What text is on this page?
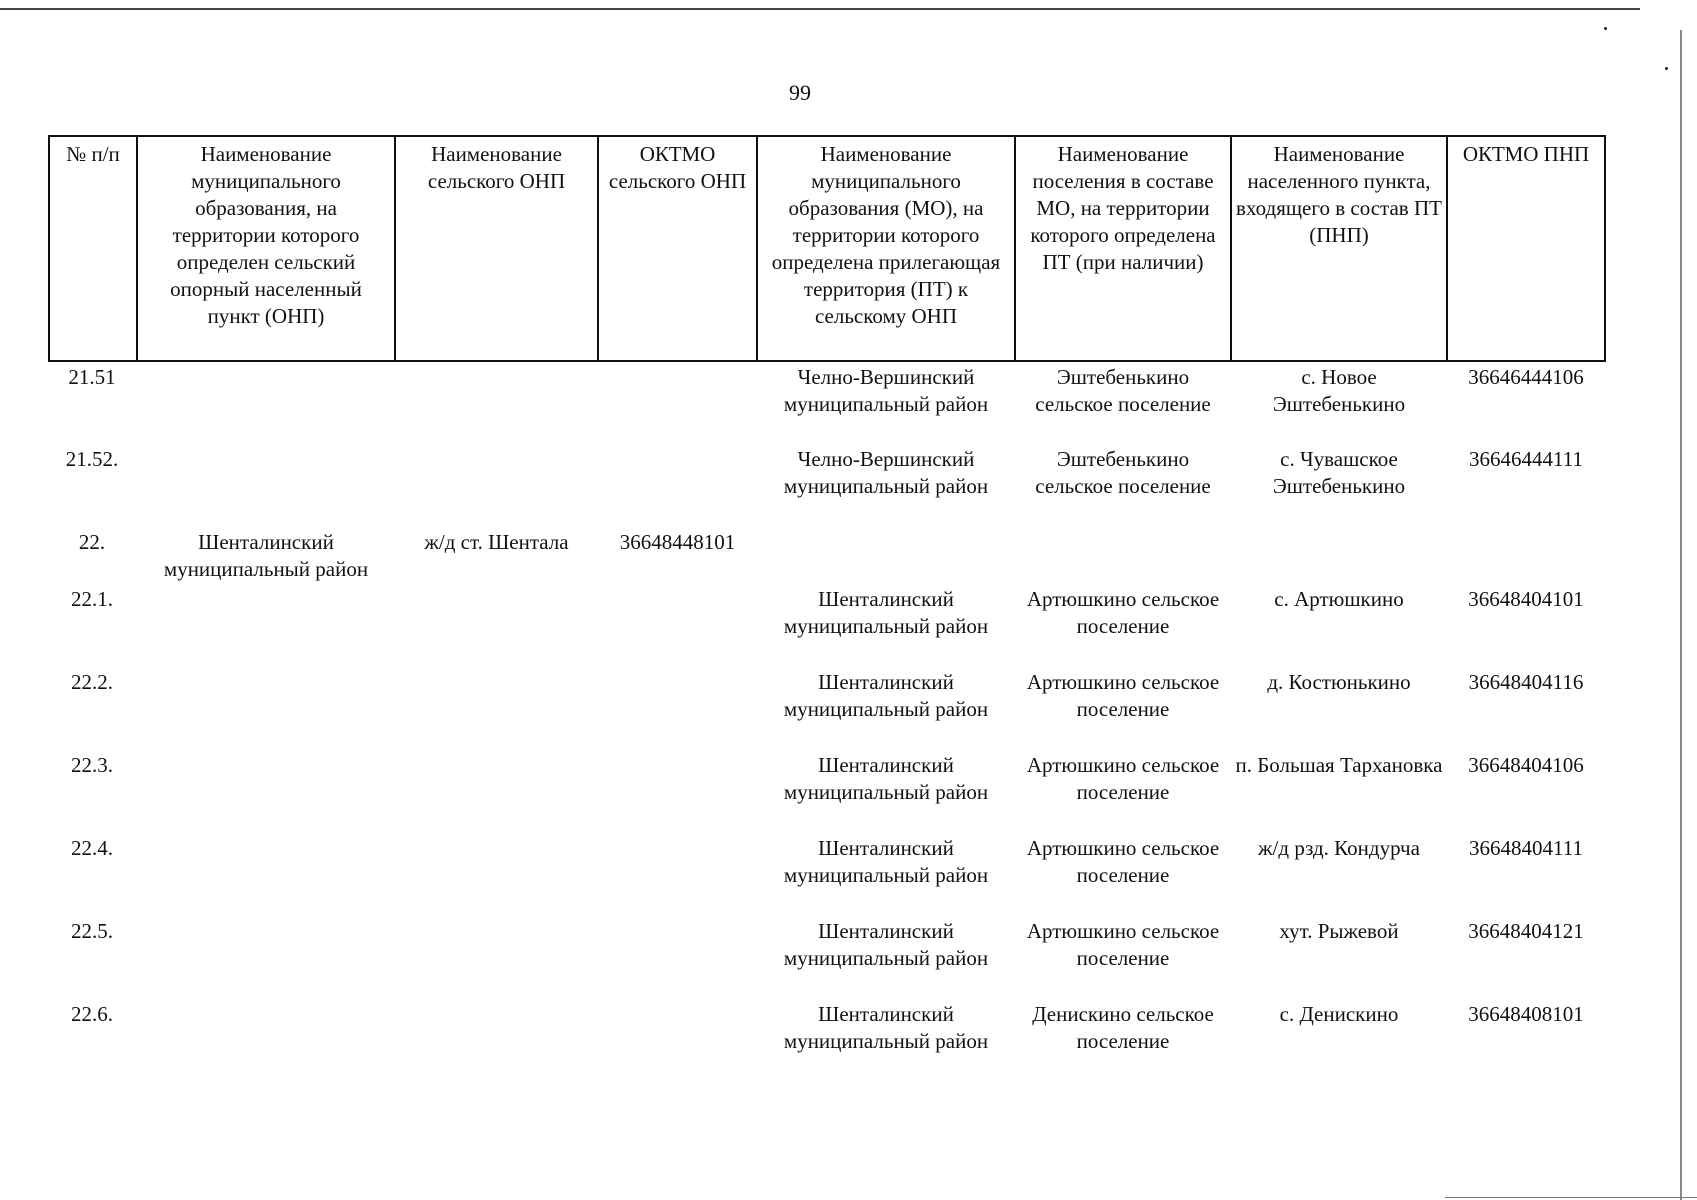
99
№ п/п	Наименование муниципального образования, на территории которого определен сельский опорный населенный пункт (ОНП)	Наименование сельского ОНП	ОКТМО сельского ОНП	Наименование муниципального образования (МО), на территории которого определена прилегающая территория (ПТ) к сельскому ОНП	Наименование поселения в составе МО, на территории которого определена ПТ (при наличии)	Наименование населенного пункта, входящего в состав ПТ (ПНП)	ОКТМО ПНП
21.51				Челно-Вершинский муниципальный район	Эштебенькино сельское поселение	с. Новое Эштебенькино	36646444106
21.52.				Челно-Вершинский муниципальный район	Эштебенькино сельское поселение	с. Чувашское Эштебенькино	36646444111
22.	Шенталинский муниципальный район	ж/д ст. Шентала	36648448101				
22.1.				Шенталинский муниципальный район	Артюшкино сельское поселение	с. Артюшкино	36648404101
22.2.				Шенталинский муниципальный район	Артюшкино сельское поселение	д. Костюнькино	36648404116
22.3.				Шенталинский муниципальный район	Артюшкино сельское поселение	п. Большая Тархановка	36648404106
22.4.				Шенталинский муниципальный район	Артюшкино сельское поселение	ж/д рзд. Кондурча	36648404111
22.5.				Шенталинский муниципальный район	Артюшкино сельское поселение	хут. Рыжевой	36648404121
22.6.				Шенталинский муниципальный район	Денискино сельское поселение	с. Денискино	36648408101
